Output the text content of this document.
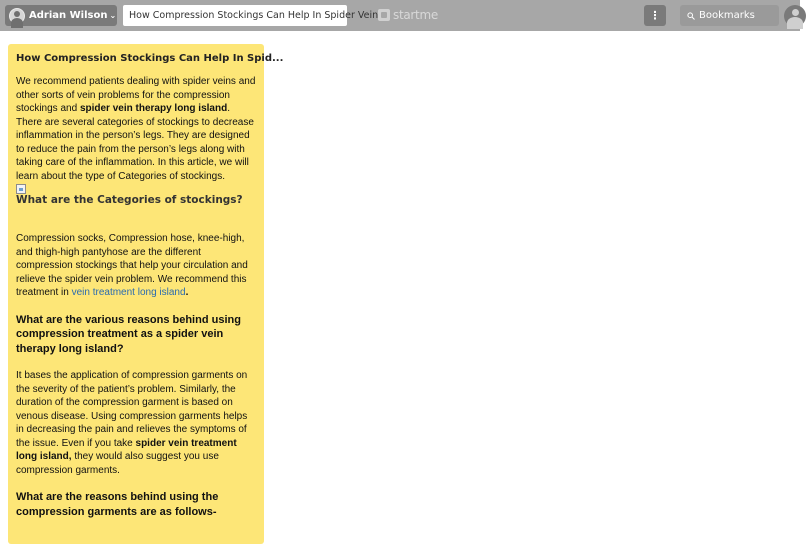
Adrian Wilson ⌄ How Compression Stockings Can Help In Spider Vein startme	⋮	Bookmarks
How Compression Stockings Can Help In Spid...

We recommend patients dealing with spider veins and other sorts of vein problems for the compression stockings and spider vein therapy long island. There are several categories of stockings to decrease inflammation in the person’s legs. They are designed to reduce the pain from the person’s legs along with taking care of the inflammation. In this article, we will learn about the type of Categories of stockings.

What are the Categories of stockings?

Compression socks, Compression hose, knee-high, and thigh-high pantyhose are the different compression stockings that help your circulation and relieve the spider vein problem. We recommend this treatment in vein treatment long island.

What are the various reasons behind using compression treatment as a spider vein therapy long island?

It bases the application of compression garments on the severity of the patient’s problem. Similarly, the duration of the compression garment is based on venous disease. Using compression garments helps in decreasing the pain and relieves the symptoms of the issue. Even if you take spider vein treatment long island, they would also suggest you use compression garments.

What are the reasons behind using the compression garments are as follows-
